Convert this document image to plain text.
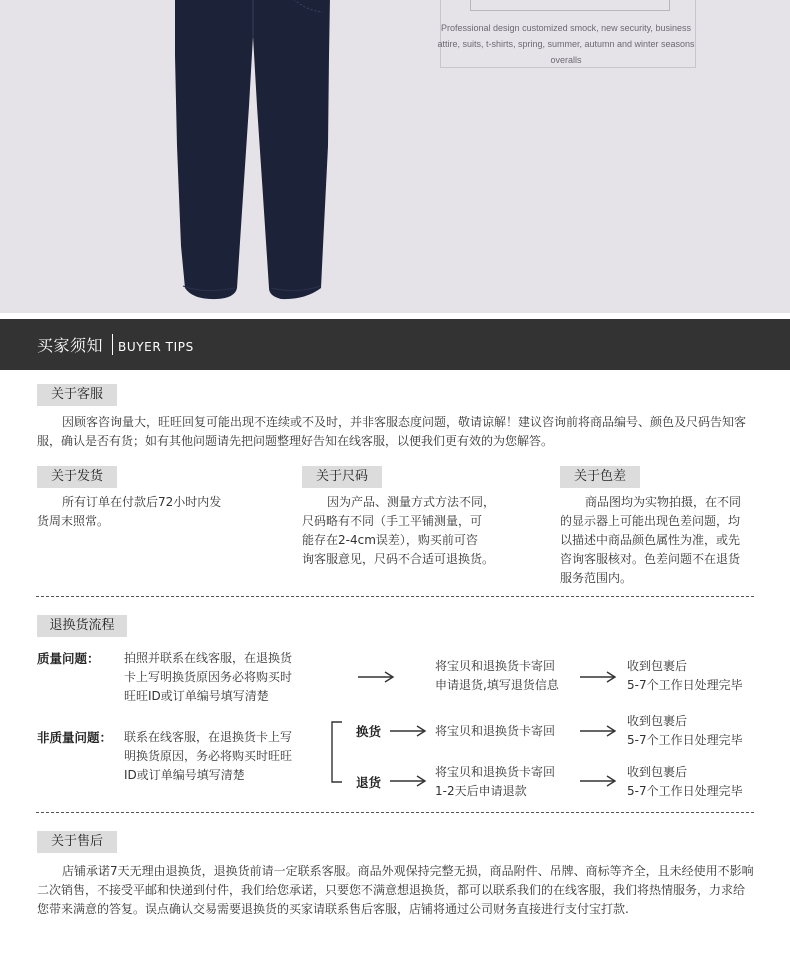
Professional design customized smock, new security, business attire, suits, t-shirts, spring, summer, autumn and winter seasons overalls
买家须知 BUYER TIPS
关于客服
因顾客咨询量大，旺旺回复可能出现不连续或不及时，并非客服态度问题，敬请谅解！建议咨询前将商品编号、颜色及尺码告知客服，确认是否有货；如有其他问题请先把问题整理好告知在线客服，以便我们更有效的为您解答。
关于发货
所有订单在付款后72小时内发
货周末照常。
关于尺码
因为产品、测量方式方法不同，
尺码略有不同（手工平铺测量，可
能存在2-4cm误差），购买前可咨
询客服意见，尺码不合适可退换货。
关于色差
商品图均为实物拍摄，在不同
的显示器上可能出现色差问题，均
以描述中商品颜色属性为准，或先
咨询客服核对。色差问题不在退货
服务范围内。
退换货流程
质量问题： 拍照并联系在线客服，在退换货
卡上写明换货原因务必将购买时
旺旺ID或订单编号填写清楚
将宝贝和退换货卡寄回
申请退货,填写退货信息
收到包裹后
5-7个工作日处理完毕
非质量问题： 联系在线客服，在退换货卡上写
明换货原因，务必将购买时旺旺
ID或订单编号填写清楚
换货	将宝贝和退换货卡寄回
收到包裹后
5-7个工作日处理完毕
退货
将宝贝和退换货卡寄回
1-2天后申请退款
收到包裹后
5-7个工作日处理完毕
关于售后
店铺承诺7天无理由退换货，退换货前请一定联系客服。商品外观保持完整无损，商品附件、吊牌、商标等齐全，且未经使用不影响二次销售，不接受平邮和快递到付件，我们给您承诺，只要您不满意想退换货，都可以联系我们的在线客服，我们将热情服务，力求给您带来满意的答复。误点确认交易需要退换货的买家请联系售后客服，店铺将通过公司财务直接进行支付宝打款.
